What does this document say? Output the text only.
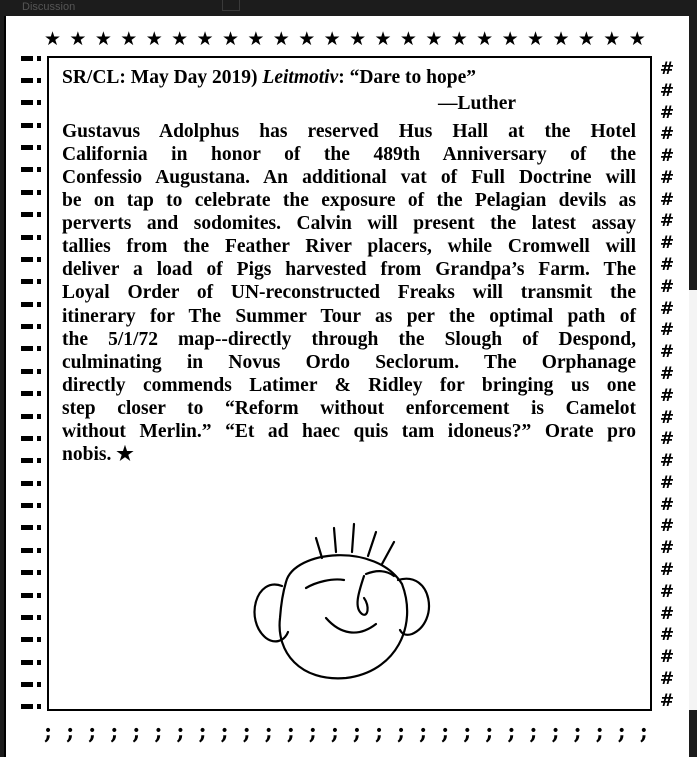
Discussion
★ ★ ★ ★ ★ ★ ★ ★ ★ ★ ★ ★ ★ ★ ★ ★ ★ ★ ★ ★ ★ ★ ★ ★
#
#
#
#
#
#
#
#
#
#
#
#
#
#
#
#
#
#
#
#
#
#
#
#
#
#
#
#
#
#
; ; ; ; ; ; ; ; ; ; ; ; ; ; ; ; ; ; ; ; ; ; ; ; ; ; ; ;
SR/CL: May Day 2019) Leitmotiv: “Dare to hope”
—Luther
Gustavus Adolphus has reserved Hus Hall at the Hotel
California in honor of the 489th Anniversary of the
Confessio Augustana. An additional vat of Full Doctrine will
be on tap to celebrate the exposure of the Pelagian devils as
perverts and sodomites. Calvin will present the latest assay
tallies from the Feather River placers, while Cromwell will
deliver a load of Pigs harvested from Grandpa’s Farm. The
Loyal Order of UN-reconstructed Freaks will transmit the
itinerary for The Summer Tour as per the optimal path of
the 5/1/72 map--directly through the Slough of Despond,
culminating in Novus Ordo Seclorum. The Orphanage
directly commends Latimer & Ridley for bringing us one
step closer to “Reform without enforcement is Camelot
without Merlin.” “Et ad haec quis tam idoneus?” Orate pro
nobis. ★
